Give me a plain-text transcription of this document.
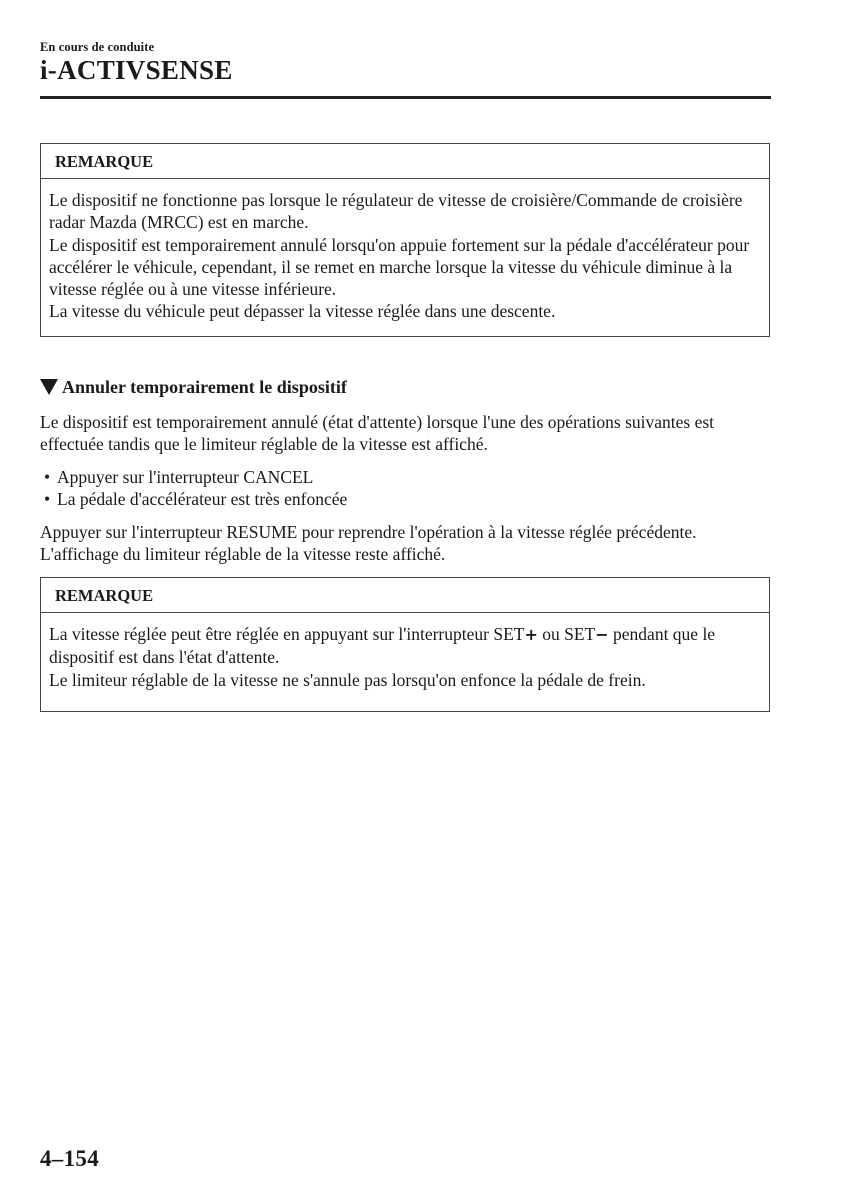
En cours de conduite
i-ACTIVSENSE
REMARQUE

Le dispositif ne fonctionne pas lorsque le régulateur de vitesse de croisière/Commande de croisière radar Mazda (MRCC) est en marche.

Le dispositif est temporairement annulé lorsqu'on appuie fortement sur la pédale d'accélérateur pour accélérer le véhicule, cependant, il se remet en marche lorsque la vitesse du véhicule diminue à la vitesse réglée ou à une vitesse inférieure.

La vitesse du véhicule peut dépasser la vitesse réglée dans une descente.

Annuler temporairement le dispositif

Le dispositif est temporairement annulé (état d'attente) lorsque l'une des opérations suivantes est effectuée tandis que le limiteur réglable de la vitesse est affiché.

• Appuyer sur l'interrupteur CANCEL
• La pédale d'accélérateur est très enfoncée

Appuyer sur l'interrupteur RESUME pour reprendre l'opération à la vitesse réglée précédente. L'affichage du limiteur réglable de la vitesse reste affiché.

REMARQUE

La vitesse réglée peut être réglée en appuyant sur l'interrupteur SET+ ou SET− pendant que le dispositif est dans l'état d'attente.

Le limiteur réglable de la vitesse ne s'annule pas lorsqu'on enfonce la pédale de frein.

4–154
